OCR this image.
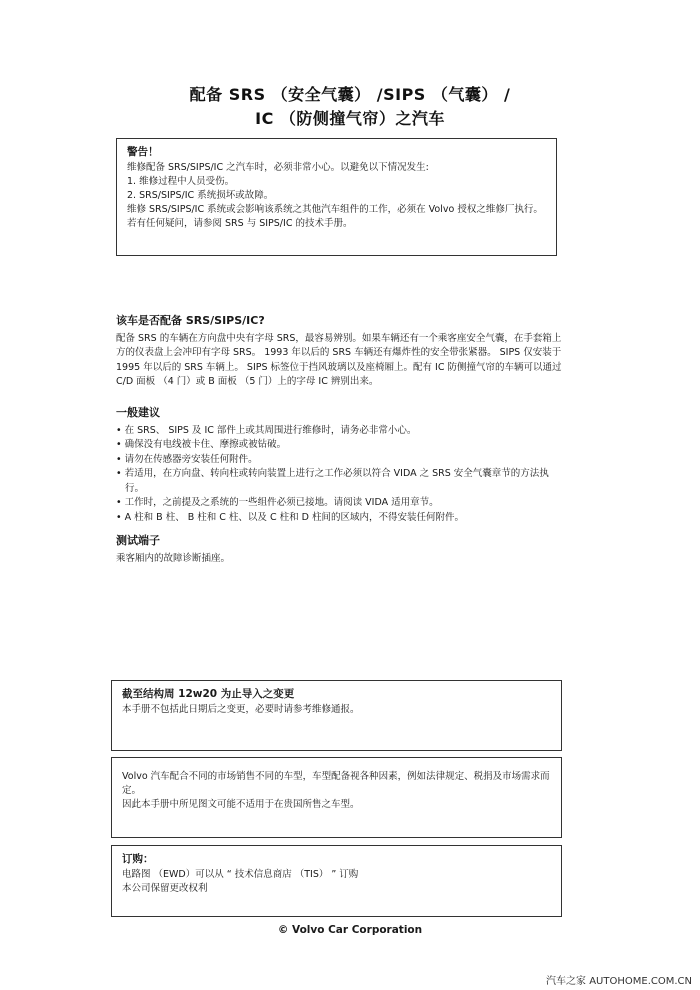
配备 SRS （安全气囊） /SIPS （气囊） /
IC （防侧撞气帘）之汽车
警告！

维修配备 SRS/SIPS/IC 之汽车时，必须非常小心。以避免以下情况发生:

1. 维修过程中人员受伤。

2. SRS/SIPS/IC 系统损坏或故障。

维修 SRS/SIPS/IC 系统或会影响该系统之其他汽车组件的工作，必须在 Volvo 授权之维修厂执行。

若有任何疑问，请参阅 SRS 与 SIPS/IC 的技术手册。

该车是否配备 SRS/SIPS/IC?

配备 SRS 的车辆在方向盘中央有字母 SRS，最容易辨别。如果车辆还有一个乘客座安全气囊，在手套箱上方的仪表盘上会冲印有字母 SRS。 1993 年以后的 SRS 车辆还有爆炸性的安全带张紧器。 SIPS 仅安装于 1995 年以后的 SRS 车辆上。 SIPS 标签位于挡风玻璃以及座椅厢上。配有 IC 防侧撞气帘的车辆可以通过 C/D 面板 （4 门）或 B 面板 （5 门）上的字母 IC 辨别出来。

一般建议
• 在 SRS、 SIPS 及 IC 部件上或其周围进行维修时，请务必非常小心。
• 确保没有电线被卡住、摩擦或被钻破。
• 请勿在传感器旁安装任何附件。
• 若适用，在方向盘、转向柱或转向装置上进行之工作必须以符合 VIDA 之 SRS 安全气囊章节的方法执行。
• 工作时，之前提及之系统的一些组件必须已接地。请阅读 VIDA 适用章节。
• A 柱和 B 柱、 B 柱和 C 柱、以及 C 柱和 D 柱间的区域内，不得安装任何附件。
测试端子

乘客厢内的故障诊断插座。

截至结构周 12w20 为止导入之变更

本手册不包括此日期后之变更，必要时请参考维修通报。

Volvo 汽车配合不同的市场销售不同的车型，车型配备视各种因素，例如法律规定、税捐及市场需求而定。

因此本手册中所见图文可能不适用于在贵国所售之车型。

订购：

电路图 （EWD）可以从 “ 技术信息商店 （TIS） ” 订购

本公司保留更改权利

© Volvo Car Corporation
汽车之家 AUTOHOME.COM.CN
